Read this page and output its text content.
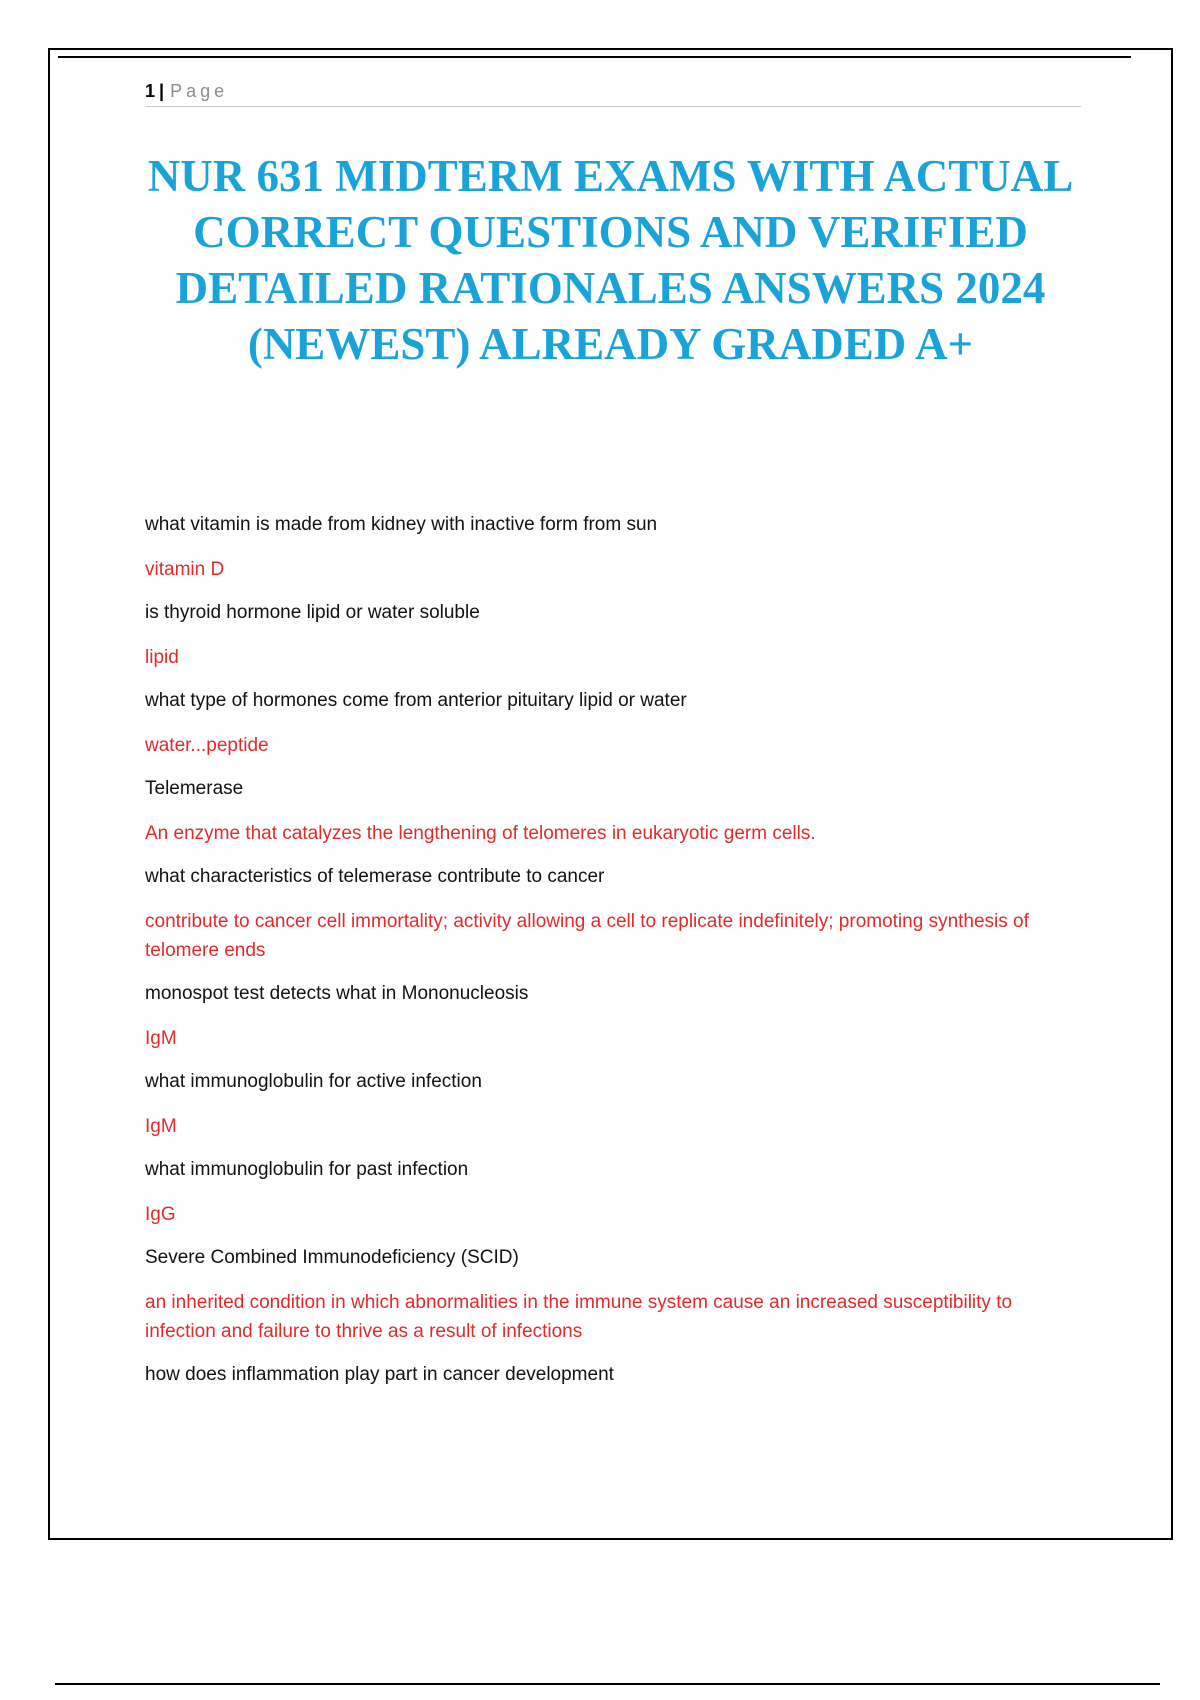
1 | Page
NUR 631 MIDTERM EXAMS WITH ACTUAL CORRECT QUESTIONS AND VERIFIED DETAILED RATIONALES ANSWERS 2024 (NEWEST) ALREADY GRADED A+

what vitamin is made from kidney with inactive form from sun

vitamin D

is thyroid hormone lipid or water soluble

lipid

what type of hormones come from anterior pituitary lipid or water

water...peptide

Telemerase

An enzyme that catalyzes the lengthening of telomeres in eukaryotic germ cells.

what characteristics of telemerase contribute to cancer

contribute to cancer cell immortality; activity allowing a cell to replicate indefinitely; promoting synthesis of telomere ends

monospot test detects what in Mononucleosis

IgM

what immunoglobulin for active infection

IgM

what immunoglobulin for past infection

IgG

Severe Combined Immunodeficiency (SCID)

an inherited condition in which abnormalities in the immune system cause an increased susceptibility to infection and failure to thrive as a result of infections

how does inflammation play part in cancer development
